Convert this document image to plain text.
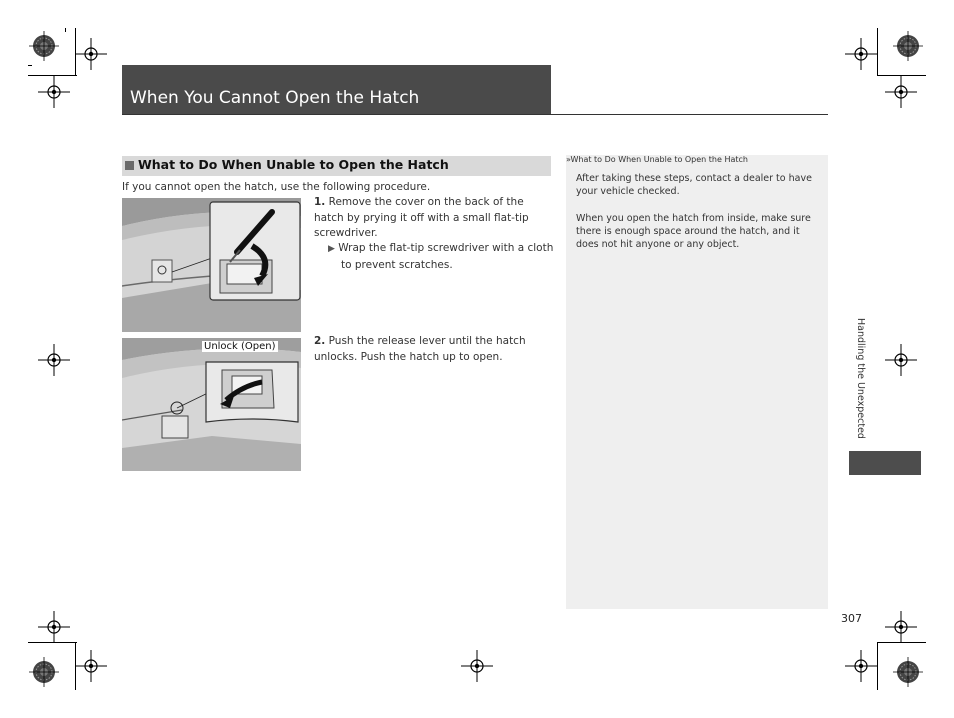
When You Cannot Open the Hatch
What to Do When Unable to Open the Hatch
If you cannot open the hatch, use the following procedure.
1. Remove the cover on the back of the hatch by prying it off with a small flat-tip screwdriver.
▶ Wrap the flat-tip screwdriver with a cloth to prevent scratches.
Unlock (Open)	2. Push the release lever until the hatch unlocks. Push the hatch up to open.
»What to Do When Unable to Open the Hatch
After taking these steps, contact a dealer to have your vehicle checked.
When you open the hatch from inside, make sure there is enough space around the hatch, and it does not hit anyone or any object.
Handling the Unexpected
307
